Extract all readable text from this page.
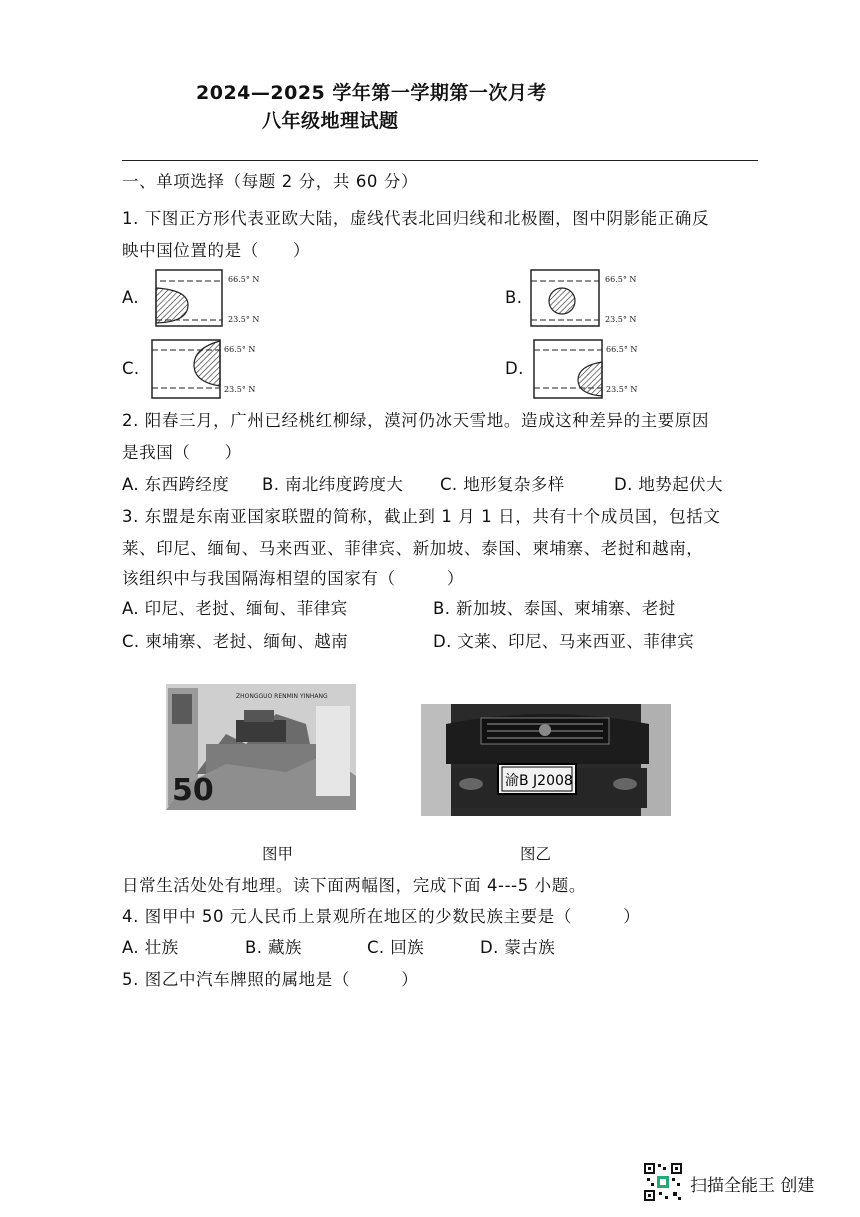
2024—2025 学年第一学期第一次月考
八年级地理试题
一、单项选择（每题 2 分，共 60 分）
1. 下图正方形代表亚欧大陆，虚线代表北回归线和北极圈，图中阴影能正确反
映中国位置的是（　　）
A.
66.5° N
23.5° N
B.
66.5° N
23.5° N
C.
66.5° N
23.5° N
D.
66.5° N
23.5° N
2. 阳春三月，广州已经桃红柳绿，漠河仍冰天雪地。造成这种差异的主要原因
是我国（　　）
A. 东西跨经度 B. 南北纬度跨度大 C. 地形复杂多样	D. 地势起伏大
3. 东盟是东南亚国家联盟的简称，截止到 1 月 1 日，共有十个成员国，包括文
莱、印尼、缅甸、马来西亚、菲律宾、新加坡、泰国、柬埔寨、老挝和越南，
该组织中与我国隔海相望的国家有（　　　）
A. 印尼、老挝、缅甸、菲律宾	B. 新加坡、泰国、柬埔寨、老挝
C. 柬埔寨、老挝、缅甸、越南	D. 文莱、印尼、马来西亚、菲律宾
50
ZHONGGUO RENMIN YINHANG
图甲
渝B J2008
图乙
日常生活处处有地理。读下面两幅图，完成下面 4---5 小题。
4. 图甲中 50 元人民币上景观所在地区的少数民族主要是（　　　）
A. 壮族	B. 藏族	C. 回族	D. 蒙古族
5. 图乙中汽车牌照的属地是（　　　）
扫描全能王 创建
